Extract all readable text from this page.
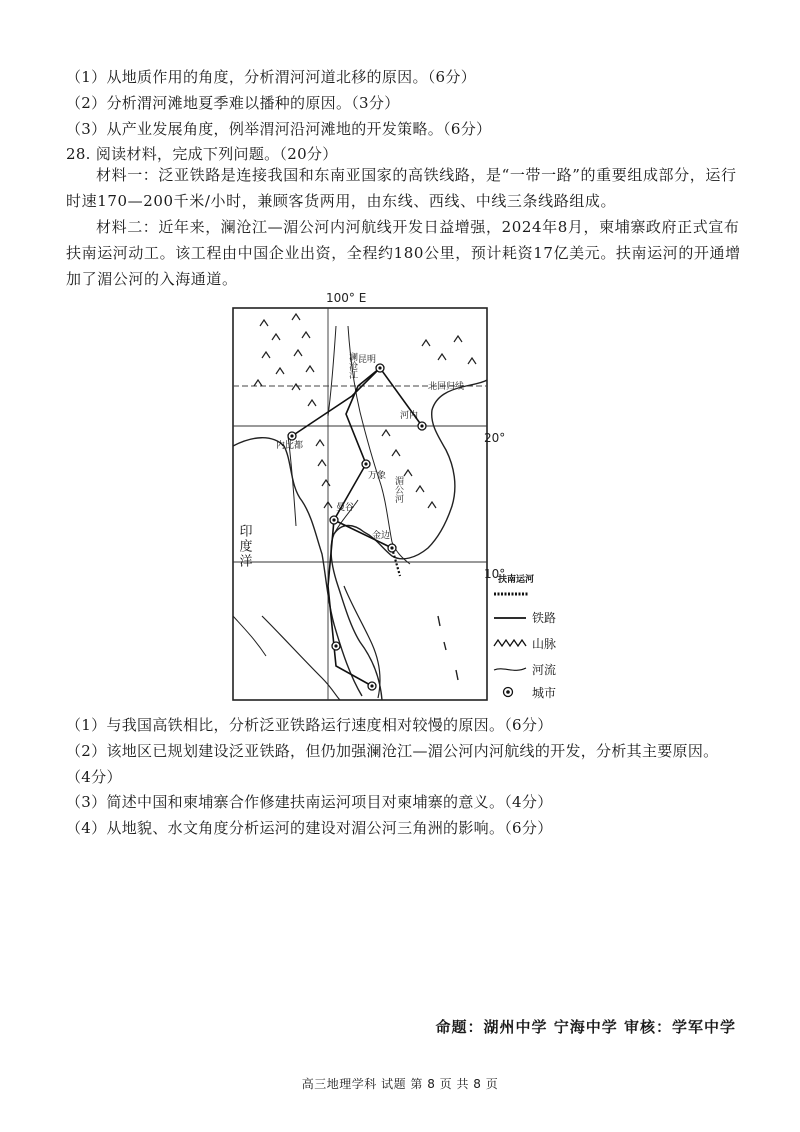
（1）从地质作用的角度，分析渭河河道北移的原因。（6分）
（2）分析渭河滩地夏季难以播种的原因。（3分）
（3）从产业发展角度，例举渭河沿河滩地的开发策略。（6分）
28. 阅读材料，完成下列问题。（20分）
材料一：泛亚铁路是连接我国和东南亚国家的高铁线路，是“一带一路”的重要组成部分，运行时速170—200千米/小时，兼顾客货两用，由东线、西线、中线三条线路组成。
材料二：近年来，澜沧江—湄公河内河航线开发日益增强，2024年8月，柬埔寨政府正式宣布扶南运河动工。该工程由中国企业出资，全程约180公里，预计耗资17亿美元。扶南运河的开通增加了湄公河的入海通道。
100° E
20°
10°
北回归线
澜沧江
湄公河
昆明
河内
内比都
万象
曼谷
金边
印度洋
扶南运河
铁路
山脉
河流
城市
（1）与我国高铁相比，分析泛亚铁路运行速度相对较慢的原因。（6分）
（2）该地区已规划建设泛亚铁路，但仍加强澜沧江—湄公河内河航线的开发，分析其主要原因。
（4分）
（3）简述中国和柬埔寨合作修建扶南运河项目对柬埔寨的意义。（4分）
（4）从地貌、水文角度分析运河的建设对湄公河三角洲的影响。（6分）
命题：湖州中学 宁海中学 审核：学军中学
高三地理学科 试题 第 8 页 共 8 页
